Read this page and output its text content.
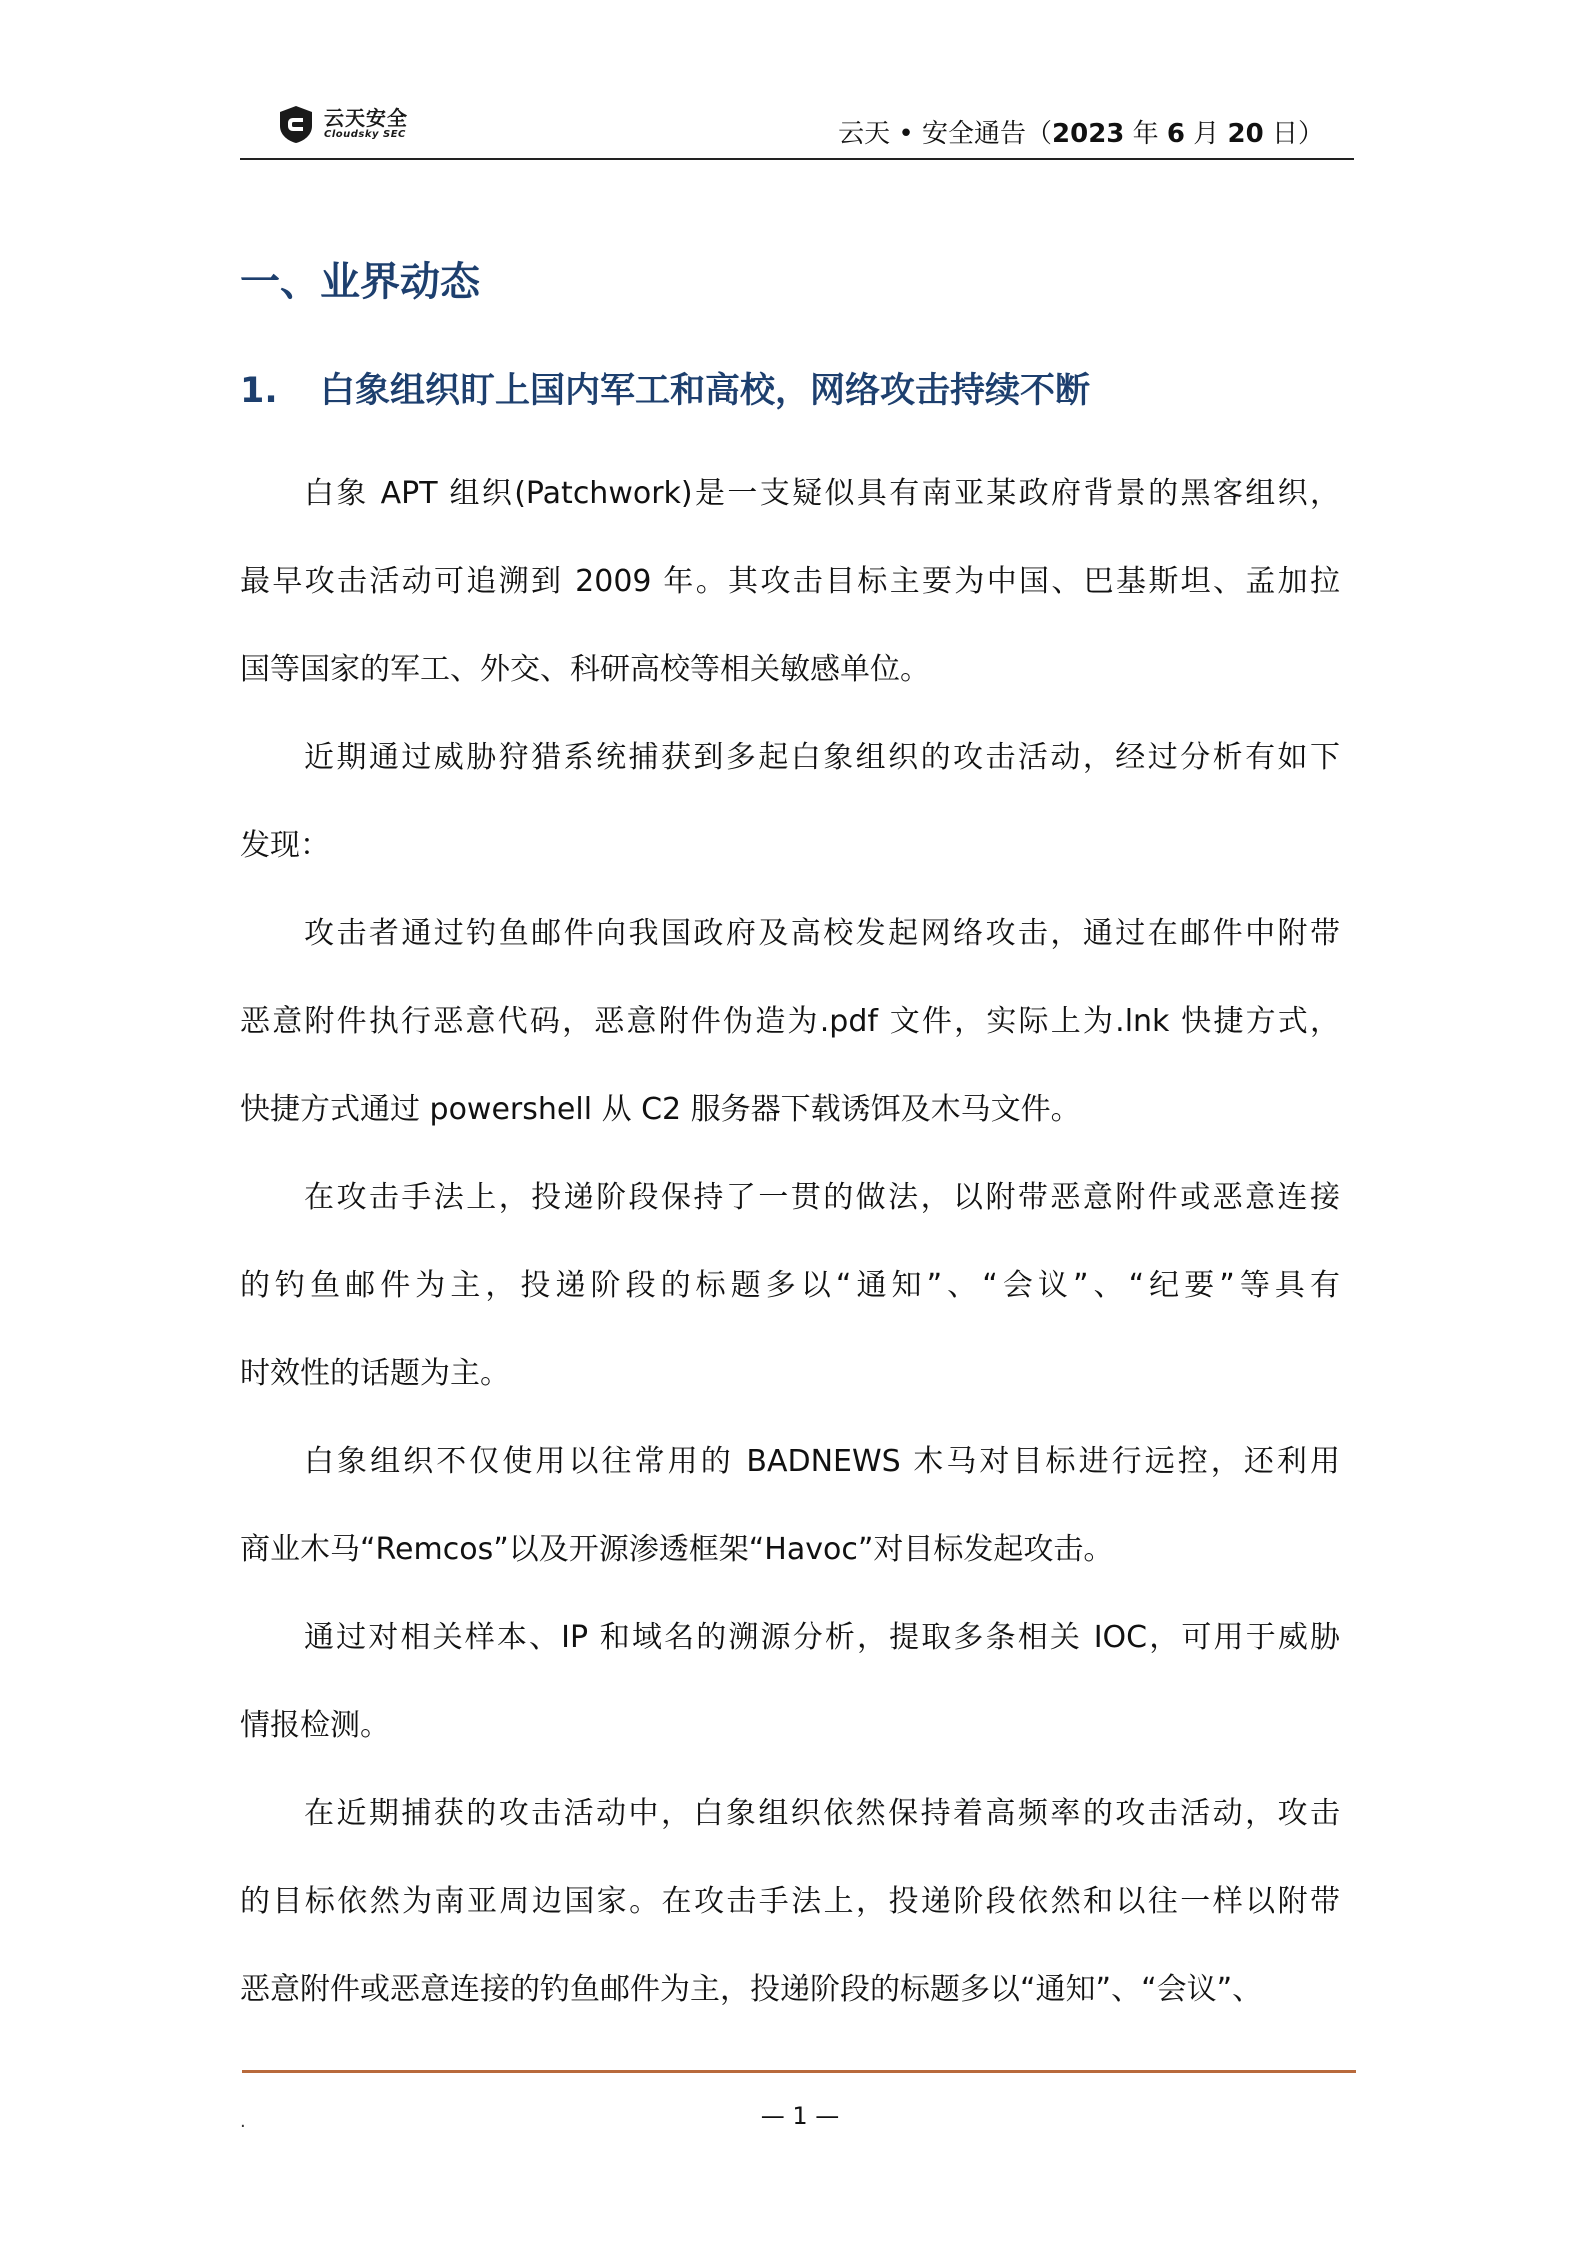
云天安全
Cloudsky SEC	云天 • 安全通告（2023 年 6 月 20 日）
一、业界动态
1.	白象组织盯上国内军工和高校，网络攻击持续不断
白象 APT 组织(Patchwork)是一支疑似具有南亚某政府背景的黑客组织，
最早攻击活动可追溯到 2009 年。其攻击目标主要为中国、巴基斯坦、孟加拉
国等国家的军工、外交、科研高校等相关敏感单位。
近期通过威胁狩猎系统捕获到多起白象组织的攻击活动，经过分析有如下
发现：
攻击者通过钓鱼邮件向我国政府及高校发起网络攻击，通过在邮件中附带
恶意附件执行恶意代码，恶意附件伪造为.pdf 文件，实际上为.lnk 快捷方式，
快捷方式通过 powershell 从 C2 服务器下载诱饵及木马文件。
在攻击手法上，投递阶段保持了一贯的做法，以附带恶意附件或恶意连接
的钓鱼邮件为主，投递阶段的标题多以“通知”、“会议”、“纪要”等具有
时效性的话题为主。
白象组织不仅使用以往常用的 BADNEWS 木马对目标进行远控，还利用
商业木马“Remcos”以及开源渗透框架“Havoc”对目标发起攻击。
通过对相关样本、IP 和域名的溯源分析，提取多条相关 IOC，可用于威胁
情报检测。
在近期捕获的攻击活动中，白象组织依然保持着高频率的攻击活动，攻击
的目标依然为南亚周边国家。在攻击手法上，投递阶段依然和以往一样以附带
恶意附件或恶意连接的钓鱼邮件为主，投递阶段的标题多以“通知”、“会议”、
.	— 1 —
